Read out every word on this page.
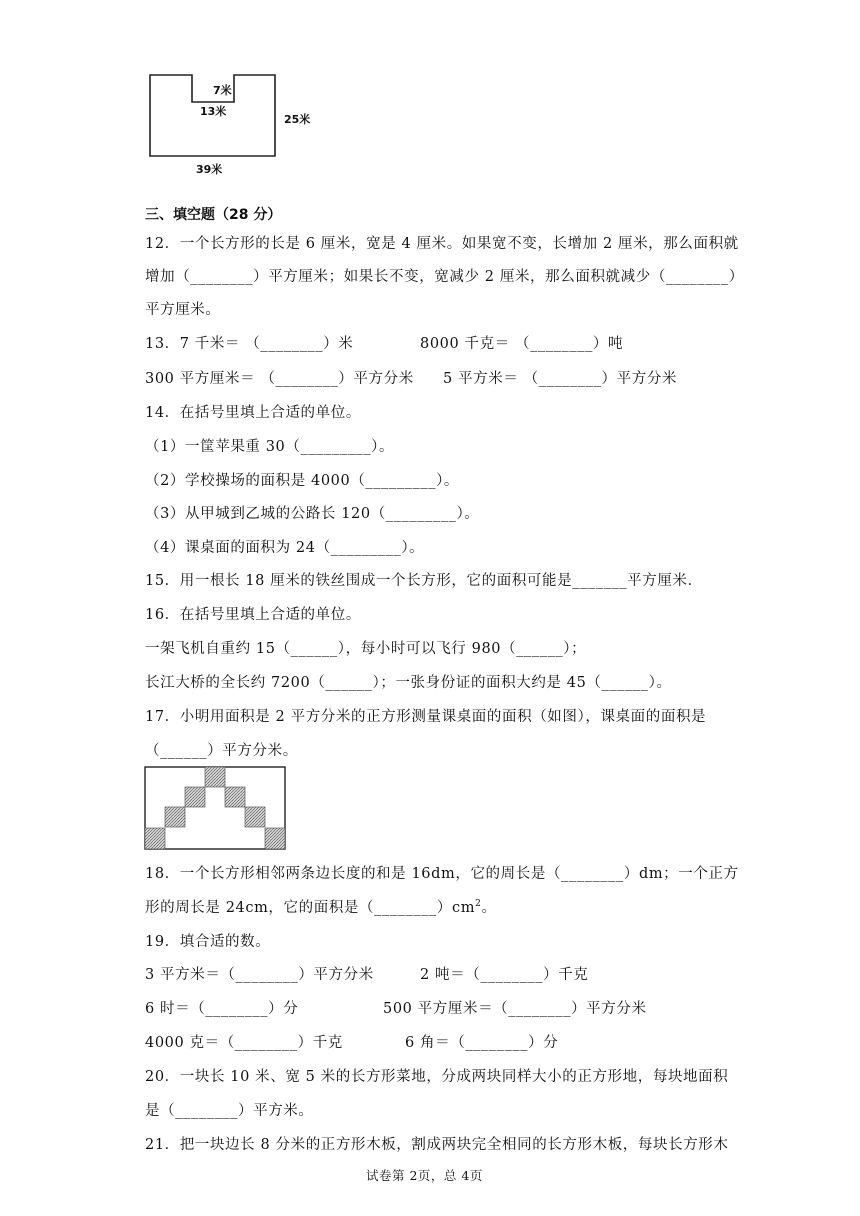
7米
13米
25米
39米
三、填空题（28 分）
12．一个长方形的长是 6 厘米，宽是 4 厘米。如果宽不变，长增加 2 厘米，那么面积就
增加（________）平方厘米；如果长不变，宽减少 2 厘米，那么面积就减少（________）
平方厘米。
13．7 千米＝ （________）米	8000 千克＝ （________）吨
300 平方厘米＝ （________）平方分米 5 平方米＝ （________）平方分米
14．在括号里填上合适的单位。
（1）一筐苹果重 30（_________）。
（2）学校操场的面积是 4000（_________）。
（3）从甲城到乙城的公路长 120（_________）。
（4）课桌面的面积为 24（_________）。
15．用一根长 18 厘米的铁丝围成一个长方形，它的面积可能是_______平方厘米．
16．在括号里填上合适的单位。
一架飞机自重约 15（______），每小时可以飞行 980（______）；
长江大桥的全长约 7200（______）；一张身份证的面积大约是 45（______）。
17．小明用面积是 2 平方分米的正方形测量课桌面的面积（如图），课桌面的面积是
（______）平方分米。
18．一个长方形相邻两条边长度的和是 16dm，它的周长是（________）dm；一个正方
形的周长是 24cm，它的面积是$(\_\_\_\_\_\_\_\_)cm^2$。
19．填合适的数。
3 平方米＝（________）平方分米	2 吨＝（________）千克
6 时＝（________）分	500 平方厘米＝（________）平方分米
4000 克＝（________）千克	6 角＝（________）分
20．一块长 10 米、宽 5 米的长方形菜地，分成两块同样大小的正方形地，每块地面积
是（________）平方米。
21．把一块边长 8 分米的正方形木板，割成两块完全相同的长方形木板，每块长方形木
试卷第 2页，总 4页
